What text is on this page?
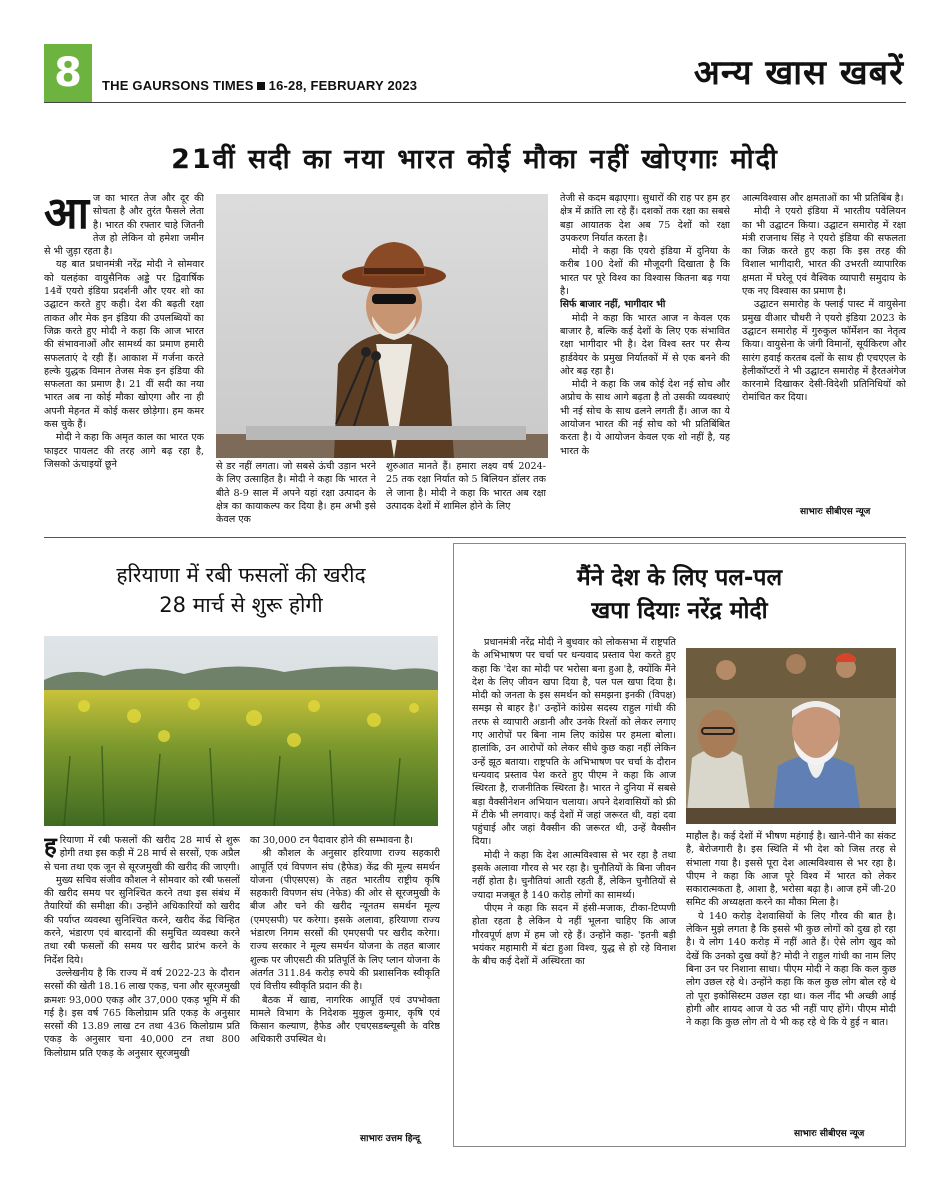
8	THE GAURSONS TIMES 16-28, FEBRUARY 2023	अन्य खास खबरें
21वीं सदी का नया भारत कोई मौका नहीं खोएगाः मोदी

आज का भारत तेज और दूर की सोचता है और तुरंत फैसले लेता है। भारत की रफ्तार चाहे जितनी तेज हो लेकिन वो हमेशा जमीन से भी जुड़ा रहता है।

यह बात प्रधानमंत्री नरेंद्र मोदी ने सोमवार को यलहंका वायुसैनिक अड्डे पर द्विवार्षिक 14वें एयरो इंडिया प्रदर्शनी और एयर शो का उद्घाटन करते हुए कही। देश की बढ़ती रक्षा ताकत और मेक इन इंडिया की उपलब्धियों का जिक्र करते हुए मोदी ने कहा कि आज भारत की संभावनाओं और सामर्थ्य का प्रमाण हमारी सफलताएं दे रही हैं। आकाश में गर्जना करते हल्के युद्धक विमान तेजस मेक इन इंडिया की सफलता का प्रमाण है। 21 वीं सदी का नया भारत अब ना कोई मौका खोएगा और ना ही अपनी मेहनत में कोई कसर छोड़ेगा। हम कमर कस चुके हैं।

मोदी ने कहा कि अमृत काल का भारत एक फाइटर पायलट की तरह आगे बढ़ रहा है, जिसको ऊंचाइयों छूने	से डर नहीं लगता। जो सबसे ऊंची उड़ान भरने के लिए उत्साहित है। मोदी ने कहा कि भारत ने बीते 8-9 साल में अपने यहां रक्षा उत्पादन के क्षेत्र का कायाकल्प कर दिया है। हम अभी इसे केवल एक

शुरुआत मानते हैं। हमारा लक्ष्य वर्ष 2024-25 तक रक्षा निर्यात को 5 बिलियन डॉलर तक ले जाना है। मोदी ने कहा कि भारत अब रक्षा उत्पादक देशों में शामिल होने के लिए

तेजी से कदम बढ़ाएगा। सुधारों की राह पर हम हर क्षेत्र में क्रांति ला रहे हैं। दशकों तक रक्षा का सबसे बड़ा आयातक देश अब 75 देशों को रक्षा उपकरण निर्यात करता है।

मोदी ने कहा कि एयरो इंडिया में दुनिया के करीब 100 देशों की मौजूदगी दिखाता है कि भारत पर पूरे विश्व का विश्वास कितना बढ़ गया है।

सिर्फ बाजार नहीं, भागीदार भी

मोदी ने कहा कि भारत आज न केवल एक बाजार है, बल्कि कई देशों के लिए एक संभावित रक्षा भागीदार भी है। देश विश्व स्तर पर सैन्य हार्डवेयर के प्रमुख निर्यातकों में से एक बनने की ओर बढ़ रहा है।

मोदी ने कहा कि जब कोई देश नई सोच और अप्रोच के साथ आगे बढ़ता है तो उसकी व्यवस्थाएं भी नई सोच के साथ ढलने लगती हैं। आज का ये आयोजन भारत की नई सोच को भी प्रतिबिंबित करता है। ये आयोजन केवल एक शो नहीं है, यह भारत के

आत्मविश्वास और क्षमताओं का भी प्रतिबिंब है।

मोदी ने एयरो इंडिया में भारतीय पवेलियन का भी उद्घाटन किया। उद्घाटन समारोह में रक्षा मंत्री राजनाथ सिंह ने एयरो इंडिया की सफलता का जिक्र करते हुए कहा कि इस तरह की विशाल भागीदारी, भारत की उभरती व्यापारिक क्षमता में घरेलू एवं वैश्विक व्यापारी समुदाय के एक नए विश्वास का प्रमाण है।

उद्घाटन समारोह के फ्लाई पास्ट में वायुसेना प्रमुख वीआर चौधरी ने एयरो इंडिया 2023 के उद्घाटन समारोह में गुरुकुल फॉर्मेशन का नेतृत्व किया। वायुसेना के जंगी विमानों, सूर्यकिरण और सारंग हवाई करतब दलों के साथ ही एचएएल के हेलीकॉप्टरों ने भी उद्घाटन समारोह में हैरतअंगेज कारनामे दिखाकर देसी-विदेशी प्रतिनिधियों को रोमांचित कर दिया।

साभारः सीबीएस न्यूज
हरियाणा में रबी फसलों की खरीद
28 मार्च से शुरू होगी

हरियाणा में रबी फसलों की खरीद 28 मार्च से शुरू होगी तथा इस कड़ी में 28 मार्च से सरसों, एक अप्रैल से चना तथा एक जून से सूरजमुखी की खरीद की जाएगी।

मुख्य सचिव संजीव कौशल ने सोमवार को रबी फसलों की खरीद समय पर सुनिश्चित करने तथा इस संबंध में तैयारियों की समीक्षा की। उन्होंने अधिकारियों को खरीद की पर्याप्त व्यवस्था सुनिश्चित करने, खरीद केंद्र चिन्हित करने, भंडारण एवं बारदानों की समुचित व्यवस्था करने तथा रबी फसलों की समय पर खरीद प्रारंभ करने के निर्देश दिये।

उल्लेखनीय है कि राज्य में वर्ष 2022-23 के दौरान सरसों की खेती 18.16 लाख एकड़, चना और सूरजमुखी क्रमशः 93,000 एकड़ और 37,000 एकड़ भूमि में की गई है। इस वर्ष 765 किलोग्राम प्रति एकड़ के अनुसार सरसों की 13.89 लाख टन तथा 436 किलोग्राम प्रति एकड़ के अनुसार चना 40,000 टन तथा 800 किलोग्राम प्रति एकड़ के अनुसार सूरजमुखी

का 30,000 टन पैदावार होने की सम्भावना है।

श्री कौशल के अनुसार हरियाणा राज्य सहकारी आपूर्ति एवं विपणन संघ (हैफेड) केंद्र की मूल्य समर्थन योजना (पीएसएस) के तहत भारतीय राष्ट्रीय कृषि सहकारी विपणन संघ (नेफेड) की ओर से सूरजमुखी के बीज और चने की खरीद न्यूनतम समर्थन मूल्य (एमएसपी) पर करेगा। इसके अलावा, हरियाणा राज्य भंडारण निगम सरसों की एमएसपी पर खरीद करेगा। राज्य सरकार ने मूल्य समर्थन योजना के तहत बाजार शुल्क पर जीएसटी की प्रतिपूर्ति के लिए प्लान योजना के अंतर्गत 311.84 करोड़ रुपये की प्रशासनिक स्वीकृति एवं वित्तीय स्वीकृति प्रदान की है।

बैठक में खाद्य, नागरिक आपूर्ति एवं उपभोक्ता मामले विभाग के निदेशक मुकुल कुमार, कृषि एवं किसान कल्याण, हैफेड और एचएसडब्ल्यूसी के वरिष्ठ अधिकारी उपस्थित थे।

साभारः उत्तम हिन्दू
मैंने देश के लिए पल-पल
खपा दियाः नरेंद्र मोदी

प्रधानमंत्री नरेंद्र मोदी ने बुधवार को लोकसभा में राष्ट्रपति के अभिभाषण पर चर्चा पर धन्यवाद प्रस्ताव पेश करते हुए कहा कि 'देश का मोदी पर भरोसा बना हुआ है, क्योंकि मैंने देश के लिए जीवन खपा दिया है, पल पल खपा दिया है। मोदी को जनता के इस समर्थन को समझना इनकी (विपक्ष) समझ से बाहर है।' उन्होंने कांग्रेस सदस्य राहुल गांधी की तरफ से व्यापारी अडानी और उनके रिश्तों को लेकर लगाए गए आरोपों पर बिना नाम लिए कांग्रेस पर हमला बोला। हालांकि, उन आरोपों को लेकर सीधे कुछ कहा नहीं लेकिन उन्हें झूठ बताया। राष्ट्रपति के अभिभाषण पर चर्चा के दौरान धन्यवाद प्रस्ताव पेश करते हुए पीएम ने कहा कि आज स्थिरता है, राजनीतिक स्थिरता है। भारत ने दुनिया में सबसे बड़ा वैक्सीनेशन अभियान चलाया। अपने देशवासियों को फ्री में टीके भी लगवाए। कई देशों में जहां जरूरत थी, वहां दवा पहुंचाई और जहां वैक्सीन की जरूरत थी, उन्हें वैक्सीन दिया।

मोदी ने कहा कि देश आत्मविश्वास से भर रहा है तथा इसके अलावा गौरव से भर रहा है। चुनौतियों के बिना जीवन नहीं होता है। चुनौतियां आती रहती हैं, लेकिन चुनौतियों से ज्यादा मजबूत है 140 करोड़ लोगों का सामर्थ्य।

पीएम ने कहा कि सदन में हंसी-मजाक, टीका-टिप्पणी होता रहता है लेकिन ये नहीं भूलना चाहिए कि आज गौरवपूर्ण क्षण में हम जो रहे हैं। उन्होंने कहा- 'इतनी बड़ी भयंकर महामारी में बंटा हुआ विश्व, युद्ध से हो रहे विनाश के बीच कई देशों में अस्थिरता का

माहौल है। कई देशों में भीषण महंगाई है। खाने-पीने का संकट है, बेरोजगारी है। इस स्थिति में भी देश को जिस तरह से संभाला गया है। इससे पूरा देश आत्मविश्वास से भर रहा है। पीएम ने कहा कि आज पूरे विश्व में भारत को लेकर सकारात्मकता है, आशा है, भरोसा बढ़ा है। आज हमें जी-20 समिट की अध्यक्षता करने का मौका मिला है।

ये 140 करोड़ देशवासियों के लिए गौरव की बात है। लेकिन मुझे लगता है कि इससे भी कुछ लोगों को दुख हो रहा है। ये लोग 140 करोड़ में नहीं आते हैं। ऐसे लोग खुद को देखें कि उनको दुख क्यों है? मोदी ने राहुल गांधी का नाम लिए बिना उन पर निशाना साधा। पीएम मोदी ने कहा कि कल कुछ लोग उछल रहे थे। उन्होंने कहा कि कल कुछ लोग बोल रहे थे तो पूरा इकोसिस्टम उछल रहा था। कल नींद भी अच्छी आई होगी और शायद आज ये उठ भी नहीं पाए होंगे। पीएम मोदी ने कहा कि कुछ लोग तो ये भी कह रहे थे कि ये हुई न बात।

साभारः सीबीएस न्यूज
